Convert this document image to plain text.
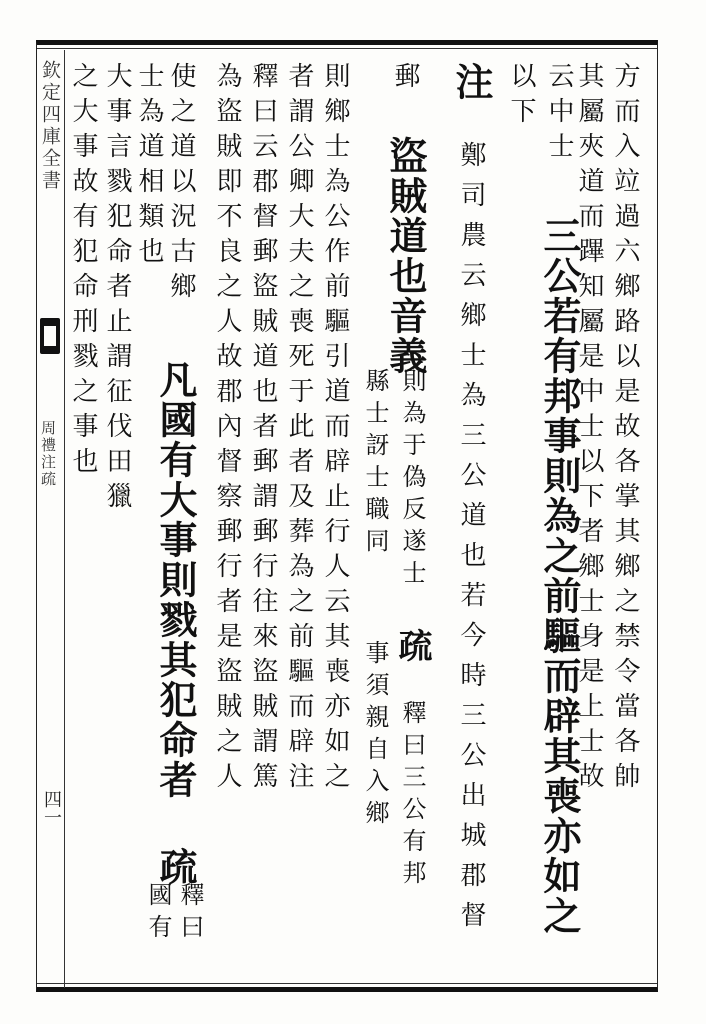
欽定四庫全書
周禮注疏
四一
方而入竝過六鄉路以是故各掌其鄉之禁令當各帥
其屬夾道而蹕知屬是中士以下者鄉士身是上士故
云中士 三公若有邦事則為之前驅而辟其喪亦如之
以下
注 鄭司農云鄉士為三公道也若今時三公出城郡督
郵 盜賊道也音義
則為于偽反遂士 疏 釋曰三公有邦
縣士訝士職同 事須親自入鄉
則鄉士為公作前驅引道而辟止行人云其喪亦如之
者謂公卿大夫之喪死于此者及葬為之前驅而辟注
釋曰云郡督郵盜賊道也者郵謂郵行往來盜賊謂篤
為盜賊即不良之人故郡內督察郵行者是盜賊之人
使之道以況古鄉
凡國有大事則戮其犯命者 疏
釋曰
士為道相類也
國有
大事言戮犯命者止謂征伐田獵
之大事故有犯命刑戮之事也
